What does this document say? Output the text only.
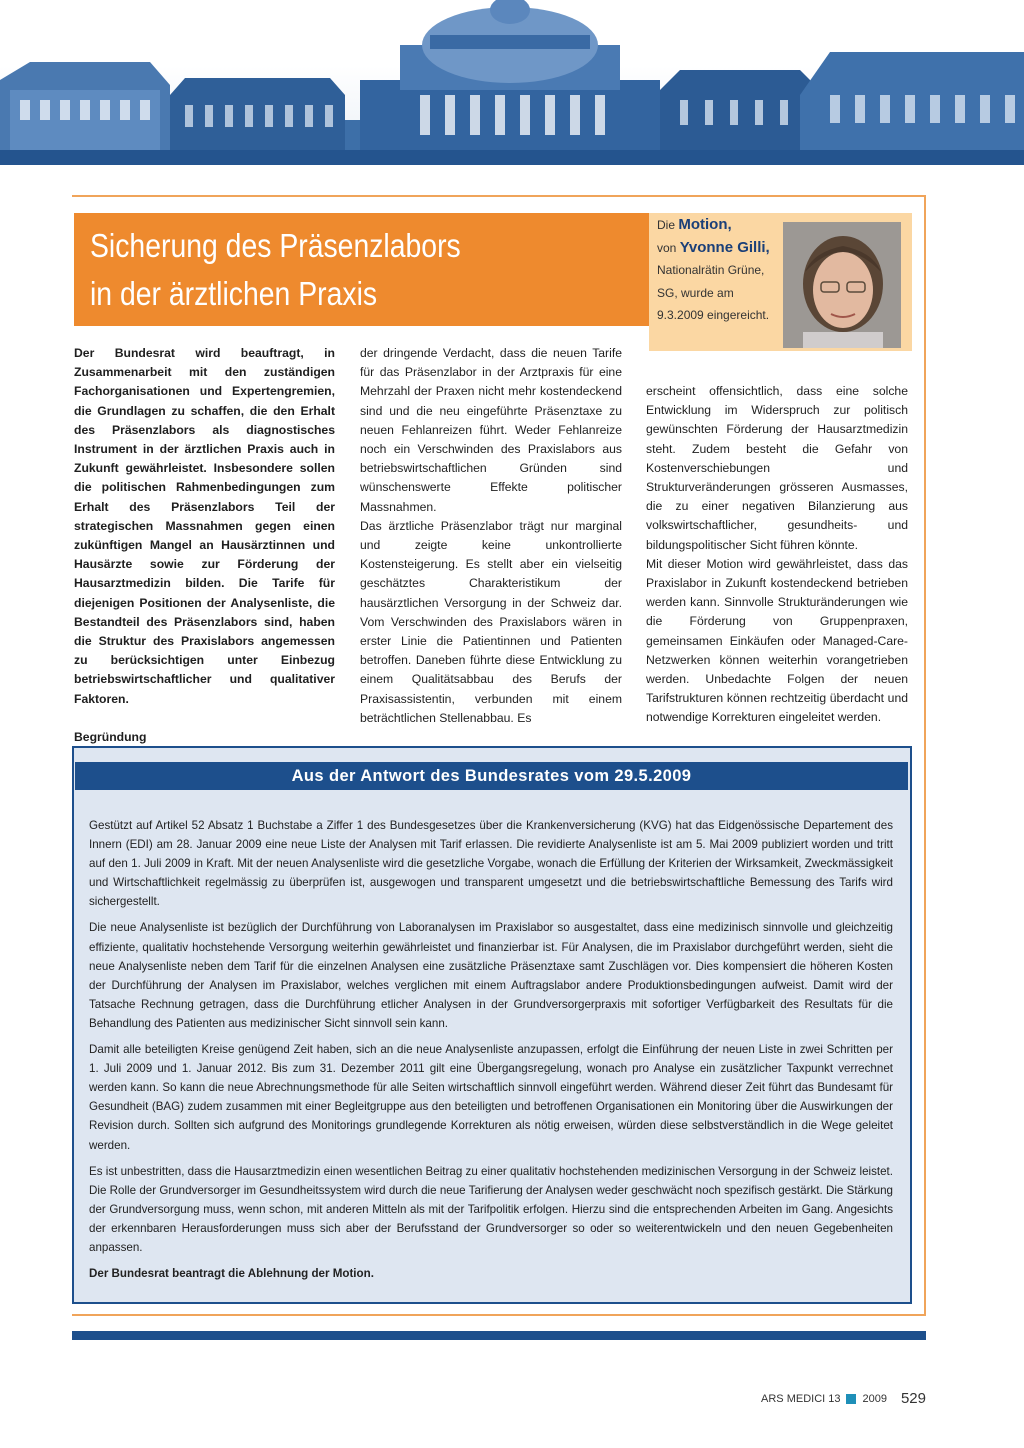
Sicherung des Präsenzlabors
in der ärztlichen Praxis
Die Motion,
von Yvonne Gilli,
Nationalrätin Grüne,
SG, wurde am
9.3.2009 eingereicht.

Der Bundesrat wird beauftragt, in Zusammenarbeit mit den zuständigen Fachorganisationen und Expertengremien, die Grundlagen zu schaffen, die den Erhalt des Präsenzlabors als diagnostisches Instrument in der ärztlichen Praxis auch in Zukunft gewährleistet. Insbesondere sollen die politischen Rahmenbedingungen zum Erhalt des Präsenzlabors Teil der strategischen Massnahmen gegen einen zukünftigen Mangel an Hausärztinnen und Hausärzte sowie zur Förderung der Hausarztmedizin bilden. Die Tarife für diejenigen Positionen der Analysenliste, die Bestandteil des Präsenzlabors sind, haben die Struktur des Praxislabors angemessen zu berücksichtigen unter Einbezug betriebswirtschaftlicher und qualitativer Faktoren.

Begründung

der dringende Verdacht, dass die neuen Tarife für das Präsenzlabor in der Arztpraxis für eine Mehrzahl der Praxen nicht mehr kostendeckend sind und die neu eingeführte Präsenztaxe zu neuen Fehlanreizen führt. Weder Fehlanreize noch ein Verschwinden des Praxislabors aus betriebswirtschaftlichen Gründen sind wünschenswerte Effekte politischer Massnahmen.

Das ärztliche Präsenzlabor trägt nur marginal und zeigte keine unkontrollierte Kostensteigerung. Es stellt aber ein vielseitig geschätztes Charakteristikum der hausärztlichen Versorgung in der Schweiz dar. Vom Verschwinden des Praxislabors wären in erster Linie die Patientinnen und Patienten betroffen. Daneben führte diese Entwicklung zu einem Qualitätsabbau des Berufs der Praxisassistentin, verbunden mit einem beträchtlichen Stellenabbau. Es

erscheint offensichtlich, dass eine solche Entwicklung im Widerspruch zur politisch gewünschten Förderung der Hausarztmedizin steht. Zudem besteht die Gefahr von Kostenverschiebungen und Strukturveränderungen grösseren Ausmasses, die zu einer negativen Bilanzierung aus volkswirtschaftlicher, gesundheits- und bildungspolitischer Sicht führen könnte.

Mit dieser Motion wird gewährleistet, dass das Praxislabor in Zukunft kostendeckend betrieben werden kann. Sinnvolle Strukturänderungen wie die Förderung von Gruppenpraxen, gemeinsamen Einkäufen oder Managed-Care-Netzwerken können weiterhin vorangetrieben werden. Unbedachte Folgen der neuen Tarifstrukturen können rechtzeitig überdacht und notwendige Korrekturen eingeleitet werden.

Aus der Antwort des Bundesrates vom 29.5.2009

Gestützt auf Artikel 52 Absatz 1 Buchstabe a Ziffer 1 des Bundesgesetzes über die Krankenversicherung (KVG) hat das Eidgenössische Departement des Innern (EDI) am 28. Januar 2009 eine neue Liste der Analysen mit Tarif erlassen. Die revidierte Analysenliste ist am 5. Mai 2009 publiziert worden und tritt auf den 1. Juli 2009 in Kraft. Mit der neuen Analysenliste wird die gesetzliche Vorgabe, wonach die Erfüllung der Kriterien der Wirksamkeit, Zweckmässigkeit und Wirtschaftlichkeit regelmässig zu überprüfen ist, ausgewogen und transparent umgesetzt und die betriebswirtschaftliche Bemessung des Tarifs wird sichergestellt.

Die neue Analysenliste ist bezüglich der Durchführung von Laboranalysen im Praxislabor so ausgestaltet, dass eine medizinisch sinnvolle und gleichzeitig effiziente, qualitativ hochstehende Versorgung weiterhin gewährleistet und finanzierbar ist. Für Analysen, die im Praxislabor durchgeführt werden, sieht die neue Analysenliste neben dem Tarif für die einzelnen Analysen eine zusätzliche Präsenztaxe samt Zuschlägen vor. Dies kompensiert die höheren Kosten der Durchführung der Analysen im Praxislabor, welches verglichen mit einem Auftragslabor andere Produktionsbedingungen aufweist. Damit wird der Tatsache Rechnung getragen, dass die Durchführung etlicher Analysen in der Grundversorgerpraxis mit sofortiger Verfügbarkeit des Resultats für die Behandlung des Patienten aus medizinischer Sicht sinnvoll sein kann.

Damit alle beteiligten Kreise genügend Zeit haben, sich an die neue Analysenliste anzupassen, erfolgt die Einführung der neuen Liste in zwei Schritten per 1. Juli 2009 und 1. Januar 2012. Bis zum 31. Dezember 2011 gilt eine Übergangsregelung, wonach pro Analyse ein zusätzlicher Taxpunkt verrechnet werden kann. So kann die neue Abrechnungsmethode für alle Seiten wirtschaftlich sinnvoll eingeführt werden. Während dieser Zeit führt das Bundesamt für Gesundheit (BAG) zudem zusammen mit einer Begleitgruppe aus den beteiligten und betroffenen Organisationen ein Monitoring über die Auswirkungen der Revision durch. Sollten sich aufgrund des Monitorings grundlegende Korrekturen als nötig erweisen, würden diese selbstverständlich in die Wege geleitet werden.

Es ist unbestritten, dass die Hausarztmedizin einen wesentlichen Beitrag zu einer qualitativ hochstehenden medizinischen Versorgung in der Schweiz leistet. Die Rolle der Grundversorger im Gesundheitssystem wird durch die neue Tarifierung der Analysen weder geschwächt noch spezifisch gestärkt. Die Stärkung der Grundversorgung muss, wenn schon, mit anderen Mitteln als mit der Tarifpolitik erfolgen. Hierzu sind die entsprechenden Arbeiten im Gang. Angesichts der erkennbaren Herausforderungen muss sich aber der Berufsstand der Grundversorger so oder so weiterentwickeln und den neuen Gegebenheiten anpassen.

Der Bundesrat beantragt die Ablehnung der Motion.

ARS MEDICI 13 2009 529
